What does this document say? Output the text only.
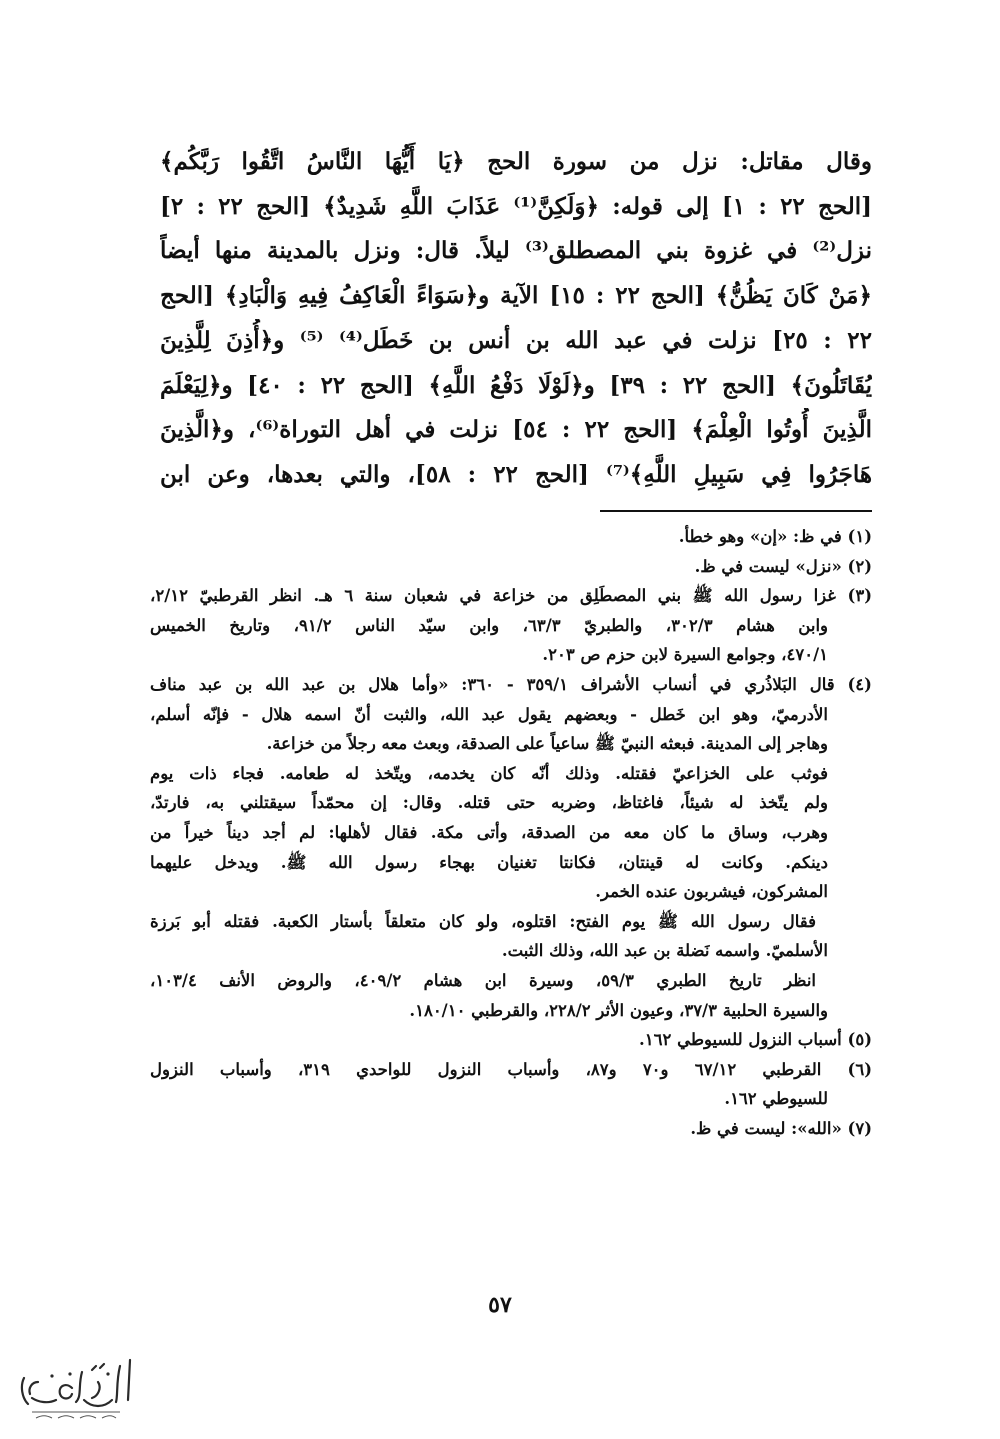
وقال مقاتل: نزل من سورة الحج ﴿يَا أَيُّهَا النَّاسُ اتَّقُوا رَبَّكُم﴾
[الحج ٢٢ : ١] إلى قوله: ﴿وَلَكِنَّ⁽¹⁾ عَذَابَ اللَّهِ شَدِيدٌ﴾ [الحج ٢٢ : ٢]
نزل⁽²⁾ في غزوة بني المصطلق⁽³⁾ ليلاً. قال: ونزل بالمدينة منها أيضاً
﴿مَنْ كَانَ يَظُنُّ﴾ [الحج ٢٢ : ١٥] الآية و﴿سَوَاءً الْعَاكِفُ فِيهِ وَالْبَادِ﴾ [الحج
٢٢ : ٢٥] نزلت في عبد الله بن أنس بن خَطَل⁽⁴⁾ ⁽⁵⁾ و﴿أُذِنَ لِلَّذِينَ
يُقَاتَلُونَ﴾ [الحج ٢٢ : ٣٩] و﴿لَوْلَا دَفْعُ اللَّهِ﴾ [الحج ٢٢ : ٤٠] و﴿لِيَعْلَمَ
الَّذِينَ أُوتُوا الْعِلْمَ﴾ [الحج ٢٢ : ٥٤] نزلت في أهل التوراة⁽⁶⁾، و﴿الَّذِينَ
هَاجَرُوا فِي سَبِيلِ اللَّهِ﴾⁽⁷⁾ [الحج ٢٢ : ٥٨]، والتي بعدها، وعن ابن
(١) في ظ: «إن» وهو خطأ.
(٢) «نزل» ليست في ظ.
(٣) غزا رسول الله ﷺ بني المصطَلِق من خزاعة في شعبان سنة ٦ هـ. انظر القرطبيّ ٢/١٢،
وابن هشام ٣٠٢/٣، والطبريّ ٦٣/٣، وابن سيّد الناس ٩١/٢، وتاريخ الخميس
٤٧٠/١، وجوامع السيرة لابن حزم ص ٢٠٣.
(٤) قال البَلاذُري في أنساب الأشراف ٣٥٩/١ - ٣٦٠: «وأما هلال بن عبد الله بن عبد مناف
الأدرميّ، وهو ابن خَطل - وبعضهم يقول عبد الله، والثبت أنّ اسمه هلال - فإنّه أسلم،
وهاجر إلى المدينة. فبعثه النبيّ ﷺ ساعياً على الصدقة، وبعث معه رجلاً من خزاعة.
فوثب على الخزاعيّ فقتله. وذلك أنّه كان يخدمه، ويتّخذ له طعامه. فجاء ذات يوم
ولم يتّخذ له شيئاً، فاغتاظ، وضربه حتى قتله. وقال: إن محمّداً سيقتلني به، فارتدّ،
وهرب، وساق ما كان معه من الصدقة، وأتى مكة. فقال لأهلها: لم أجد ديناً خيراً من
دينكم. وكانت له قينتان، فكانتا تغنيان بهجاء رسول الله ﷺ. ويدخل عليهما
المشركون، فيشربون عنده الخمر.
فقال رسول الله ﷺ يوم الفتح: اقتلوه، ولو كان متعلقاً بأستار الكعبة. فقتله أبو بَرزة
الأسلميّ. واسمه نَضلة بن عبد الله، وذلك الثبت.
انظر تاريخ الطبري ٥٩/٣، وسيرة ابن هشام ٤٠٩/٢، والروض الأنف ١٠٣/٤،
والسيرة الحلبية ٣٧/٣، وعيون الأثر ٢٢٨/٢، والقرطبي ١٨٠/١٠.
(٥) أسباب النزول للسيوطي ١٦٢.
(٦) القرطبي ٦٧/١٢ و٧٠ و٨٧، وأسباب النزول للواحدي ٣١٩، وأسباب النزول
للسيوطي ١٦٢.
(٧) «الله»: ليست في ظ.
٥٧
